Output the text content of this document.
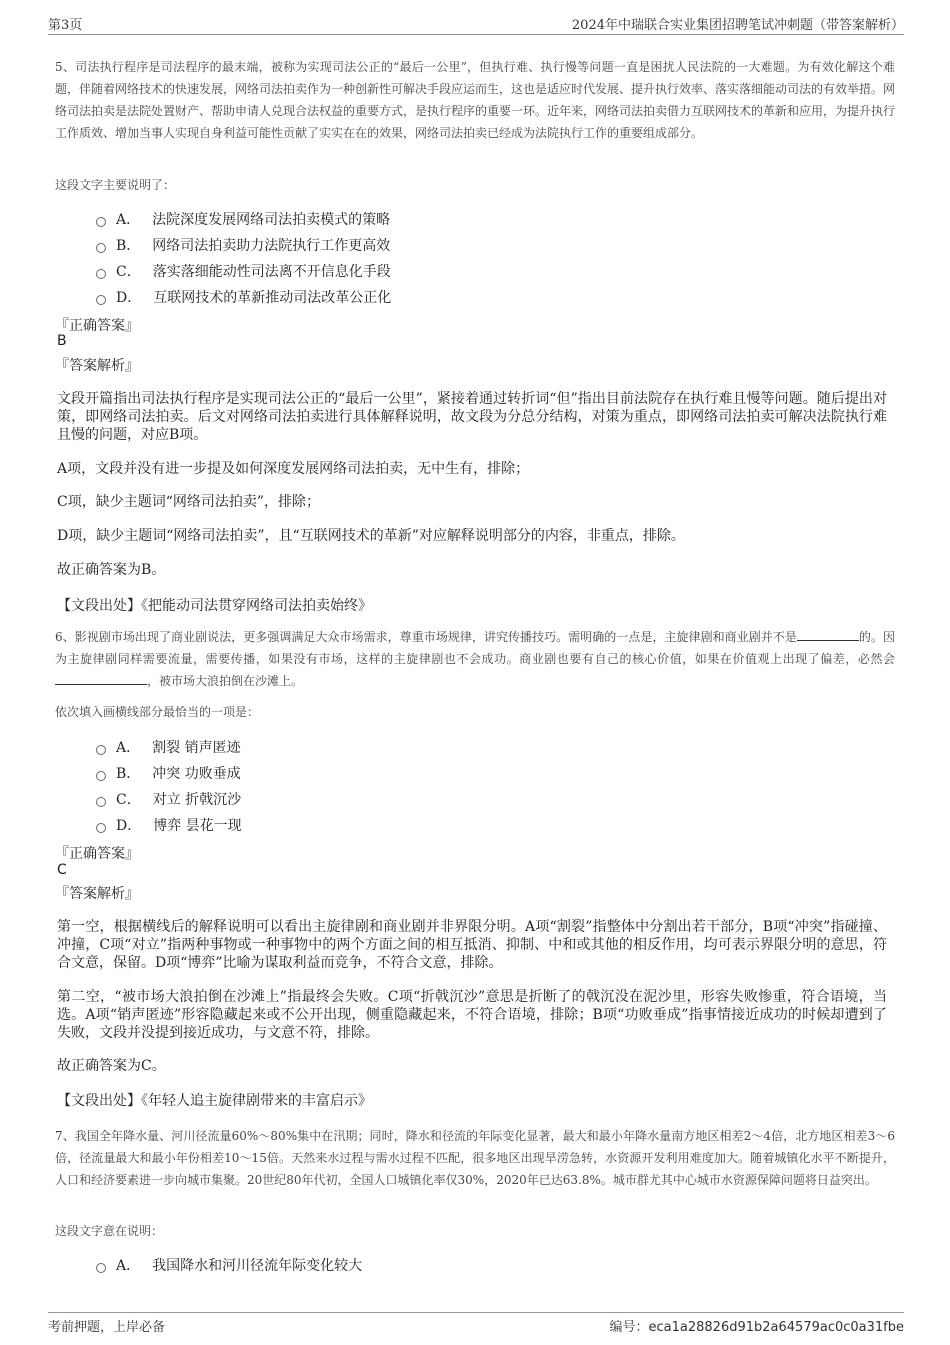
第3页	2024年中瑞联合实业集团招聘笔试冲刺题（带答案解析）

5、司法执行程序是司法程序的最末端，被称为实现司法公正的“最后一公里”，但执行难、执行慢等问题一直是困扰人民法院的一大难题。为有效化解这个难题，伴随着网络技术的快速发展，网络司法拍卖作为一种创新性可解决手段应运而生，这也是适应时代发展、提升执行效率、落实落细能动司法的有效举措。网络司法拍卖是法院处置财产、帮助申请人兑现合法权益的重要方式，是执行程序的重要一环。近年来，网络司法拍卖借力互联网技术的革新和应用，为提升执行工作质效、增加当事人实现自身利益可能性贡献了实实在在的效果，网络司法拍卖已经成为法院执行工作的重要组成部分。

这段文字主要说明了：

A． 法院深度发展网络司法拍卖模式的策略
B． 网络司法拍卖助力法院执行工作更高效
C． 落实落细能动性司法离不开信息化手段
D． 互联网技术的革新推动司法改革公正化

『正确答案』

B

『答案解析』

文段开篇指出司法执行程序是实现司法公正的“最后一公里”，紧接着通过转折词“但”指出目前法院存在执行难且慢等问题。随后提出对策，即网络司法拍卖。后文对网络司法拍卖进行具体解释说明，故文段为分总分结构，对策为重点，即网络司法拍卖可解决法院执行难且慢的问题，对应B项。

A项，文段并没有进一步提及如何深度发展网络司法拍卖，无中生有，排除；

C项，缺少主题词“网络司法拍卖”，排除；

D项，缺少主题词“网络司法拍卖”，且“互联网技术的革新”对应解释说明部分的内容，非重点，排除。

故正确答案为B。

【文段出处】《把能动司法贯穿网络司法拍卖始终》

6、影视剧市场出现了商业剧说法，更多强调满足大众市场需求，尊重市场规律，讲究传播技巧。需明确的一点是，主旋律剧和商业剧并不是	的。因为主旋律剧同样需要流量，需要传播，如果没有市场，这样的主旋律剧也不会成功。商业剧也要有自己的核心价值，如果在价值观上出现了偏差，必然会 ，被市场大浪拍倒在沙滩上。

依次填入画横线部分最恰当的一项是：

A． 割裂 销声匿迹
B． 冲突 功败垂成
C． 对立 折戟沉沙
D． 博弈 昙花一现

『正确答案』

C

『答案解析』

第一空，根据横线后的解释说明可以看出主旋律剧和商业剧并非界限分明。A项“割裂”指整体中分割出若干部分，B项“冲突”指碰撞、冲撞，C项“对立”指两种事物或一种事物中的两个方面之间的相互抵消、抑制、中和或其他的相反作用，均可表示界限分明的意思，符合文意，保留。D项“博弈”比喻为谋取利益而竞争，不符合文意，排除。

第二空，“被市场大浪拍倒在沙滩上”指最终会失败。C项“折戟沉沙”意思是折断了的戟沉没在泥沙里，形容失败惨重，符合语境，当选。A项“销声匿迹”形容隐藏起来或不公开出现，侧重隐藏起来，不符合语境，排除；B项“功败垂成”指事情接近成功的时候却遭到了失败，文段并没提到接近成功，与文意不符，排除。

故正确答案为C。

【文段出处】《年轻人追主旋律剧带来的丰富启示》

7、我国全年降水量、河川径流量60%～80%集中在汛期；同时，降水和径流的年际变化显著，最大和最小年降水量南方地区相差2～4倍，北方地区相差3～6倍，径流量最大和最小年份相差10～15倍。天然来水过程与需水过程不匹配，很多地区出现旱涝急转，水资源开发利用难度加大。随着城镇化水平不断提升，人口和经济要素进一步向城市集聚。20世纪80年代初，全国人口城镇化率仅30%，2020年已达63.8%。城市群尤其中心城市水资源保障问题将日益突出。

这段文字意在说明：

A． 我国降水和河川径流年际变化较大
考前押题，上岸必备	编号：eca1a28826d91b2a64579ac0c0a31fbe
